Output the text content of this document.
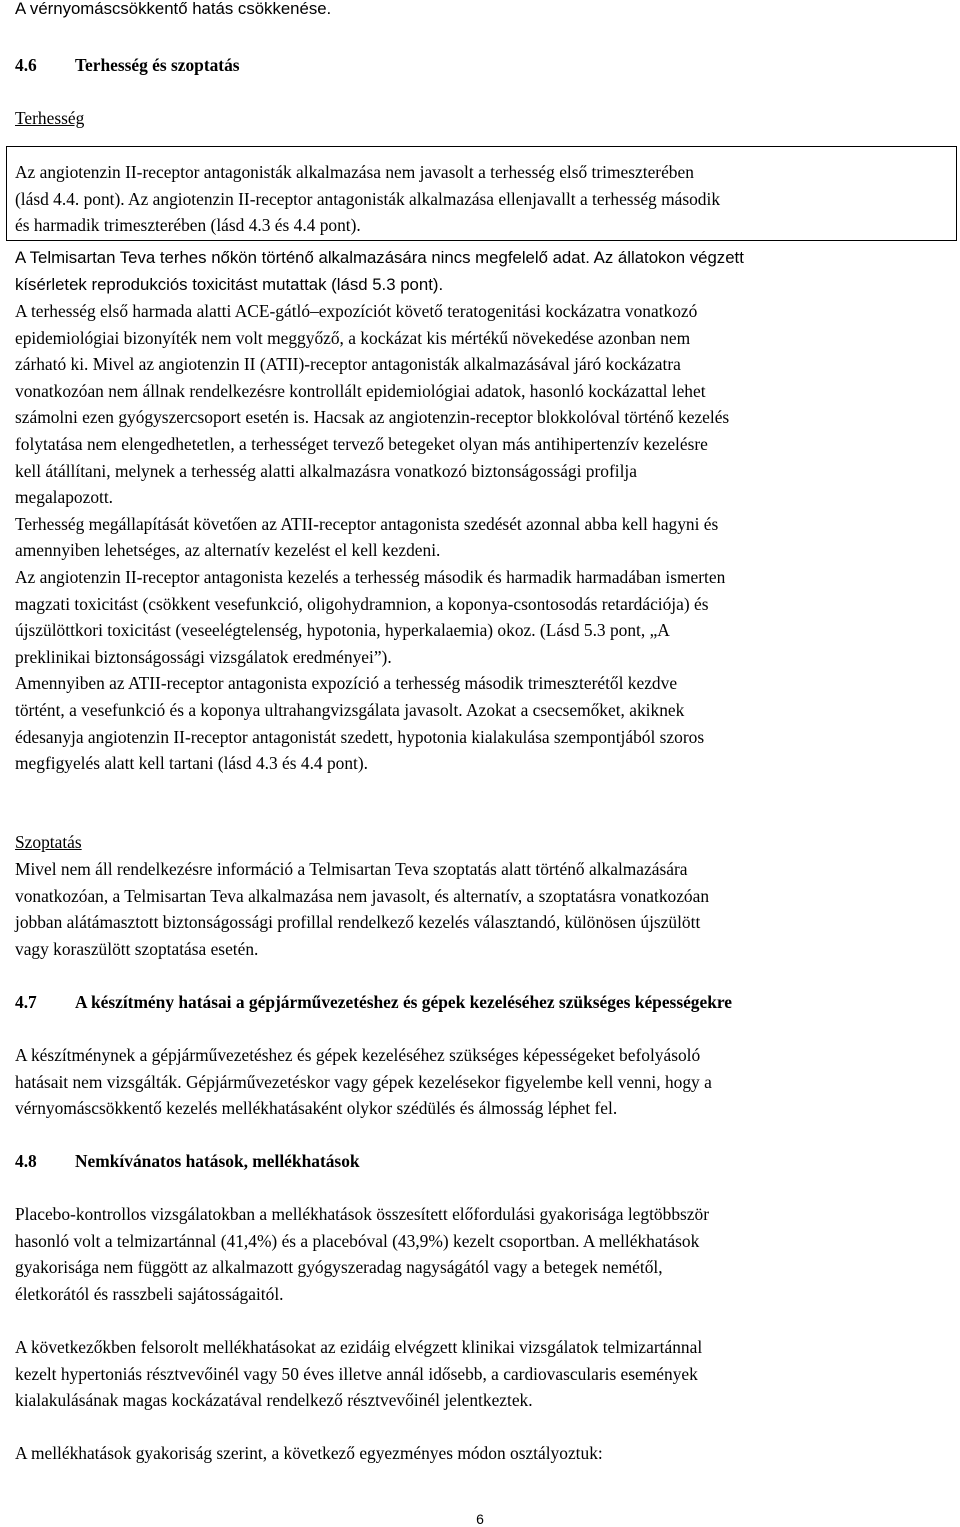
A vérnyomáscsökkentő hatás csökkenése.

4.6 Terhesség és szoptatás

Terhesség

Az angiotenzin II-receptor antagonisták alkalmazása nem javasolt a terhesség első trimeszterében
(lásd 4.4. pont). Az angiotenzin II-receptor antagonisták alkalmazása ellenjavallt a terhesség második
és harmadik trimeszterében (lásd 4.3 és 4.4 pont).

A Telmisartan Teva terhes nőkön történő alkalmazására nincs megfelelő adat. Az állatokon végzett
kísérletek reprodukciós toxicitást mutattak (lásd 5.3 pont).

A terhesség első harmada alatti ACE-gátló‒expozíciót követő teratogenitási kockázatra vonatkozó
epidemiológiai bizonyíték nem volt meggyőző, a kockázat kis mértékű növekedése azonban nem
zárható ki. Mivel az angiotenzin II (ATII)-receptor antagonisták alkalmazásával járó kockázatra
vonatkozóan nem állnak rendelkezésre kontrollált epidemiológiai adatok, hasonló kockázattal lehet
számolni ezen gyógyszercsoport esetén is. Hacsak az angiotenzin-receptor blokkolóval történő kezelés
folytatása nem elengedhetetlen, a terhességet tervező betegeket olyan más antihipertenzív kezelésre
kell átállítani, melynek a terhesség alatti alkalmazásra vonatkozó biztonságossági profilja
megalapozott.
Terhesség megállapítását követően az ATII-receptor antagonista szedését azonnal abba kell hagyni és
amennyiben lehetséges, az alternatív kezelést el kell kezdeni.
Az angiotenzin II-receptor antagonista kezelés a terhesség második és harmadik harmadában ismerten
magzati toxicitást (csökkent vesefunkció, oligohydramnion, a koponya-csontosodás retardációja) és
újszülöttkori toxicitást (veseelégtelenség, hypotonia, hyperkalaemia) okoz. (Lásd 5.3 pont, „A
preklinikai biztonságossági vizsgálatok eredményei”).
Amennyiben az ATII-receptor antagonista expozíció a terhesség második trimeszterétől kezdve
történt, a vesefunkció és a koponya ultrahangvizsgálata javasolt. Azokat a csecsemőket, akiknek
édesanyja angiotenzin II-receptor antagonistát szedett, hypotonia kialakulása szempontjából szoros
megfigyelés alatt kell tartani (lásd 4.3 és 4.4 pont).

Szoptatás

Mivel nem áll rendelkezésre információ a Telmisartan Teva szoptatás alatt történő alkalmazására
vonatkozóan, a Telmisartan Teva alkalmazása nem javasolt, és alternatív, a szoptatásra vonatkozóan
jobban alátámasztott biztonságossági profillal rendelkező kezelés választandó, különösen újszülött
vagy koraszülött szoptatása esetén.

4.7 A készítmény hatásai a gépjárművezetéshez és gépek kezeléséhez szükséges képességekre

A készítménynek a gépjárművezetéshez és gépek kezeléséhez szükséges képességeket befolyásoló
hatásait nem vizsgálták. Gépjárművezetéskor vagy gépek kezelésekor figyelembe kell venni, hogy a
vérnyomáscsökkentő kezelés mellékhatásaként olykor szédülés és álmosság léphet fel.

4.8 Nemkívánatos hatások, mellékhatások

Placebo-kontrollos vizsgálatokban a mellékhatások összesített előfordulási gyakorisága legtöbbször
hasonló volt a telmizartánnal (41,4%) és a placebóval (43,9%) kezelt csoportban. A mellékhatások
gyakorisága nem függött az alkalmazott gyógyszeradag nagyságától vagy a betegek nemétől,
életkorától és rasszbeli sajátosságaitól.

A következőkben felsorolt mellékhatásokat az ezidáig elvégzett klinikai vizsgálatok telmizartánnal
kezelt hypertoniás résztvevőinél vagy 50 éves illetve annál idősebb, a cardiovascularis események
kialakulásának magas kockázatával rendelkező résztvevőinél jelentkeztek.

A mellékhatások gyakoriság szerint, a következő egyezményes módon osztályoztuk:

6
